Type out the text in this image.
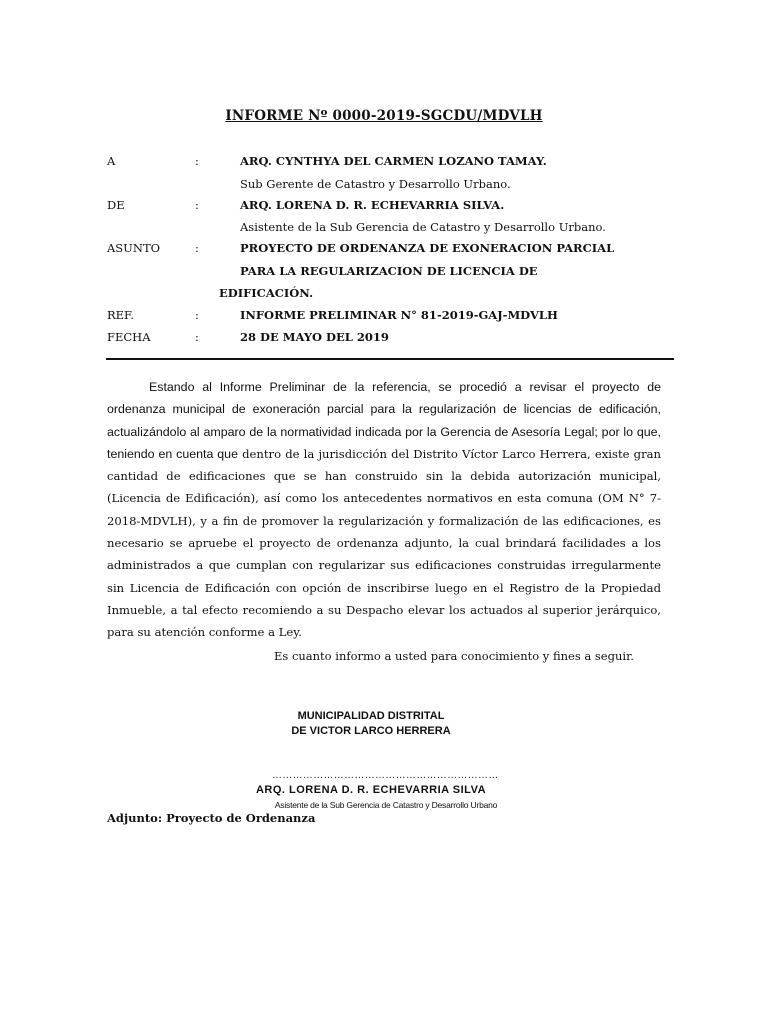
INFORME Nº 0000-2019-SGCDU/MDVLH
A	:	ARQ. CYNTHYA DEL CARMEN LOZANO TAMAY.
Sub Gerente de Catastro y Desarrollo Urbano.
DE	:	ARQ. LORENA D. R. ECHEVARRIA SILVA.
Asistente de la Sub Gerencia de Catastro y Desarrollo Urbano.
ASUNTO	:	PROYECTO DE ORDENANZA DE EXONERACION PARCIAL
PARA LA REGULARIZACION DE LICENCIA DE
EDIFICACIÓN.
REF.	:	INFORME PRELIMINAR N° 81-2019-GAJ-MDVLH
FECHA	:	28 DE MAYO DEL 2019

Estando al Informe Preliminar de la referencia, se procedió a revisar el proyecto de ordenanza municipal de exoneración parcial para la regularización de licencias de edificación, actualizándolo al amparo de la normatividad indicada por la Gerencia de Asesoría Legal; por lo que, teniendo en cuenta que dentro de la jurisdicción del Distrito Víctor Larco Herrera, existe gran cantidad de edificaciones que se han construido sin la debida autorización municipal, (Licencia de Edificación), así como los antecedentes normativos en esta comuna (OM N° 7-2018-MDVLH), y a fin de promover la regularización y formalización de las edificaciones, es necesario se apruebe el proyecto de ordenanza adjunto, la cual brindará facilidades a los administrados a que cumplan con regularizar sus edificaciones construidas irregularmente sin Licencia de Edificación con opción de inscribirse luego en el Registro de la Propiedad Inmueble, a tal efecto recomiendo a su Despacho elevar los actuados al superior jerárquico, para su atención conforme a Ley.

Es cuanto informo a usted para conocimiento y fines a seguir.
MUNICIPALIDAD DISTRITAL
DE VICTOR LARCO HERRERA
…………………………………………………………
ARQ. LORENA D. R. ECHEVARRIA SILVA
Asistente de la Sub Gerencia de Catastro y Desarrollo Urbano
Adjunto: Proyecto de Ordenanza
